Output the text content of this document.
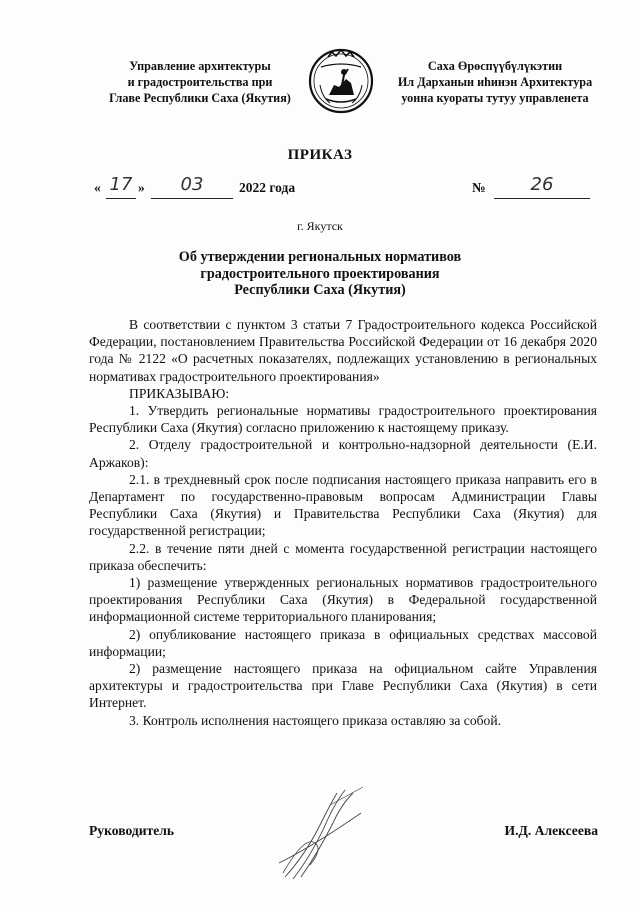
Управление архитектуры
и градостроительства при
Главе Республики Саха (Якутия)
Саха Өрөспүүбүлүкэтин
Ил Дарханын иһинэн Архитектура
уонна куораты тутуу управленета
ПРИКАЗ
« 17 »	03	2022 года	№	26
г. Якутск
Об утверждении региональных нормативов
градостроительного проектирования
Республики Саха (Якутия)

В соответствии с пунктом 3 статьи 7 Градостроительного кодекса Российской Федерации, постановлением Правительства Российской Федерации от 16 декабря 2020 года № 2122 «О расчетных показателях, подлежащих установлению в региональных нормативах градостроительного проектирования»

ПРИКАЗЫВАЮ:

1. Утвердить региональные нормативы градостроительного проектирования Республики Саха (Якутия) согласно приложению к настоящему приказу.

2. Отделу градостроительной и контрольно-надзорной деятельности (Е.И. Аржаков):

2.1. в трехдневный срок после подписания настоящего приказа направить его в Департамент по государственно-правовым вопросам Администрации Главы Республики Саха (Якутия) и Правительства Республики Саха (Якутия) для государственной регистрации;

2.2. в течение пяти дней с момента государственной регистрации настоящего приказа обеспечить:

1) размещение утвержденных региональных нормативов градостроительного проектирования Республики Саха (Якутия) в Федеральной государственной информационной системе территориального планирования;

2) опубликование настоящего приказа в официальных средствах массовой информации;

2) размещение настоящего приказа на официальном сайте Управления архитектуры и градостроительства при Главе Республики Саха (Якутия) в сети Интернет.

3. Контроль исполнения настоящего приказа оставляю за собой.

Руководитель	И.Д. Алексеева
